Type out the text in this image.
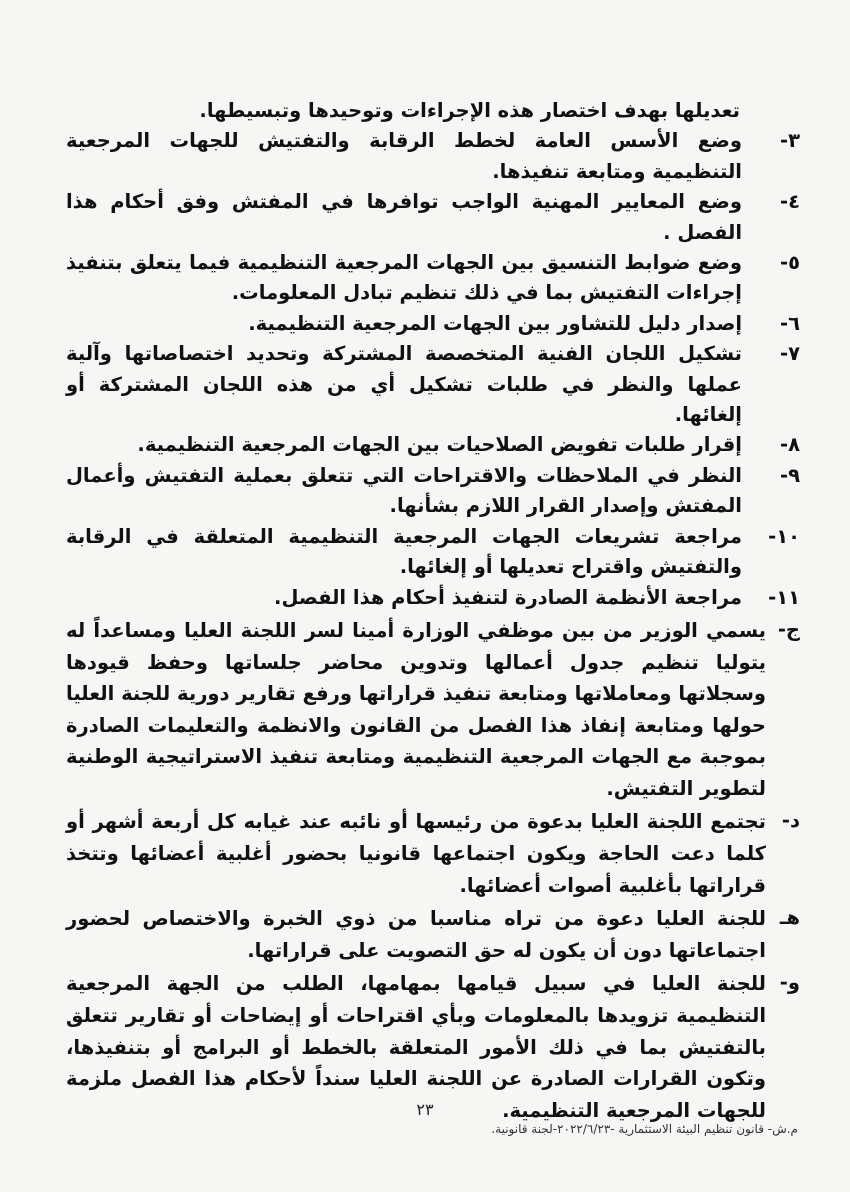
تعديلها بهدف اختصار هذه الإجراءات وتوحيدها وتبسيطها.
٣-
وضع الأسس العامة لخطط الرقابة والتفتيش للجهات المرجعية التنظيمية ومتابعة تنفيذها.
٤-
وضع المعايير المهنية الواجب توافرها في المفتش وفق أحكام هذا الفصل .
٥-
وضع ضوابط التنسيق بين الجهات المرجعية التنظيمية فيما يتعلق بتنفيذ إجراءات التفتيش بما في ذلك تنظيم تبادل المعلومات.
٦-
إصدار دليل للتشاور بين الجهات المرجعية التنظيمية.
٧-
تشكيل اللجان الفنية المتخصصة المشتركة وتحديد اختصاصاتها وآلية عملها والنظر في طلبات تشكيل أي من هذه اللجان المشتركة أو إلغائها.
٨-
إقرار طلبات تفويض الصلاحيات بين الجهات المرجعية التنظيمية.
٩-
النظر في الملاحظات والاقتراحات التي تتعلق بعملية التفتيش وأعمال المفتش وإصدار القرار اللازم بشأنها.
١٠-
مراجعة تشريعات الجهات المرجعية التنظيمية المتعلقة في الرقابة والتفتيش واقتراح تعديلها أو إلغائها.
١١-
مراجعة الأنظمة الصادرة لتنفيذ أحكام هذا الفصل.
ج-
يسمي الوزير من بين موظفي الوزارة أمينا لسر اللجنة العليا ومساعداً له يتوليا تنظيم جدول أعمالها وتدوين محاضر جلساتها وحفظ قيودها وسجلاتها ومعاملاتها ومتابعة تنفيذ قراراتها ورفع تقارير دورية للجنة العليا حولها ومتابعة إنفاذ هذا الفصل من القانون والانظمة والتعليمات الصادرة بموجبة مع الجهات المرجعية التنظيمية ومتابعة تنفيذ الاستراتيجية الوطنية لتطوير التفتيش.
د-
تجتمع اللجنة العليا بدعوة من رئيسها أو نائبه عند غيابه كل أربعة أشهر أو كلما دعت الحاجة ويكون اجتماعها قانونيا بحضور أغلبية أعضائها وتتخذ قراراتها بأغلبية أصوات أعضائها.
هـ
للجنة العليا دعوة من تراه مناسبا من ذوي الخبرة والاختصاص لحضور اجتماعاتها دون أن يكون له حق التصويت على قراراتها.
و-
للجنة العليا في سبيل قيامها بمهامها، الطلب من الجهة المرجعية التنظيمية تزويدها بالمعلومات وبأي اقتراحات أو إيضاحات أو تقارير تتعلق بالتفتيش بما في ذلك الأمور المتعلقة بالخطط أو البرامج أو بتنفيذها، وتكون القرارات الصادرة عن اللجنة العليا سنداً لأحكام هذا الفصل ملزمة للجهات المرجعية التنظيمية.
٢٣
م.ش- قانون تنظيم البيئة الاستثمارية -٢٠٢٢/٦/٢٣-لجنة قانونية.
